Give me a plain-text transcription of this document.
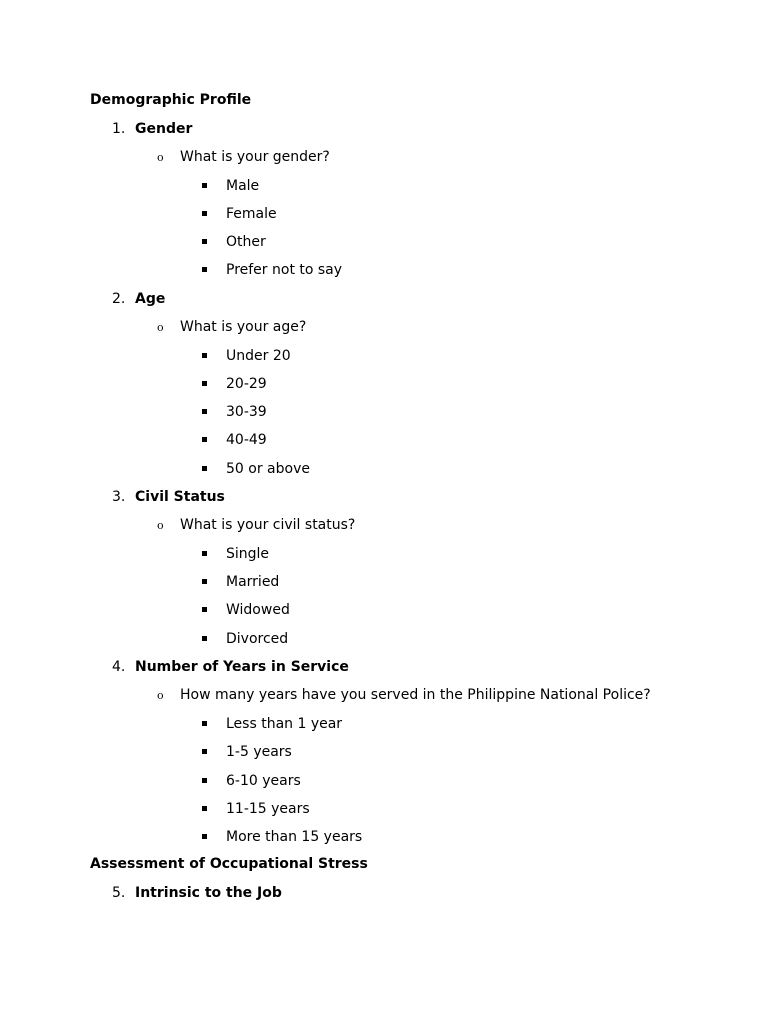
Demographic Profile
1. Gender
o What is your gender?
Male
Female
Other
Prefer not to say
2. Age
o What is your age?
Under 20
20-29
30-39
40-49
50 or above
3. Civil Status
o What is your civil status?
Single
Married
Widowed
Divorced
4. Number of Years in Service
o How many years have you served in the Philippine National Police?
Less than 1 year
1-5 years
6-10 years
11-15 years
More than 15 years
Assessment of Occupational Stress
5. Intrinsic to the Job
